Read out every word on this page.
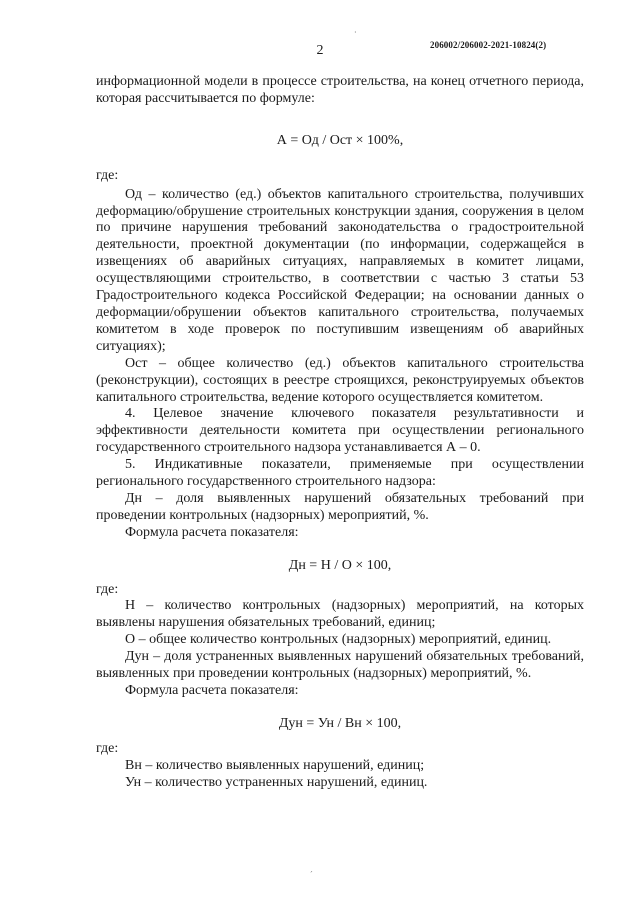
2	206002/206002-2021-10824(2)

информационной модели в процессе строительства, на конец отчетного периода, которая рассчитывается по формуле:

А = Од / Ост × 100%,

где:

Од – количество (ед.) объектов капитального строительства, получивших деформацию/обрушение строительных конструкции здания, сооружения в целом по причине нарушения требований законодательства о градостроительной деятельности, проектной документации (по информации, содержащейся в извещениях об аварийных ситуациях, направляемых в комитет лицами, осуществляющими строительство, в соответствии с частью 3 статьи 53 Градостроительного кодекса Российской Федерации; на основании данных о деформации/обрушении объектов капитального строительства, получаемых комитетом в ходе проверок по поступившим извещениям об аварийных ситуациях);

Ост – общее количество (ед.) объектов капитального строительства (реконструкции), состоящих в реестре строящихся, реконструируемых объектов капитального строительства, ведение которого осуществляется комитетом.

4. Целевое значение ключевого показателя результативности и эффективности деятельности комитета при осуществлении регионального государственного строительного надзора устанавливается А – 0.

5. Индикативные показатели, применяемые при осуществлении регионального государственного строительного надзора:

Дн – доля выявленных нарушений обязательных требований при проведении контрольных (надзорных) мероприятий, %.

Формула расчета показателя:

Дн = Н / О × 100,

где:

Н – количество контрольных (надзорных) мероприятий, на которых выявлены нарушения обязательных требований, единиц;

О – общее количество контрольных (надзорных) мероприятий, единиц.

Дун – доля устраненных выявленных нарушений обязательных требований, выявленных при проведении контрольных (надзорных) мероприятий, %.

Формула расчета показателя:

Дун = Ун / Вн × 100,

где:

Вн – количество выявленных нарушений, единиц;

Ун – количество устраненных нарушений, единиц.

´
·
